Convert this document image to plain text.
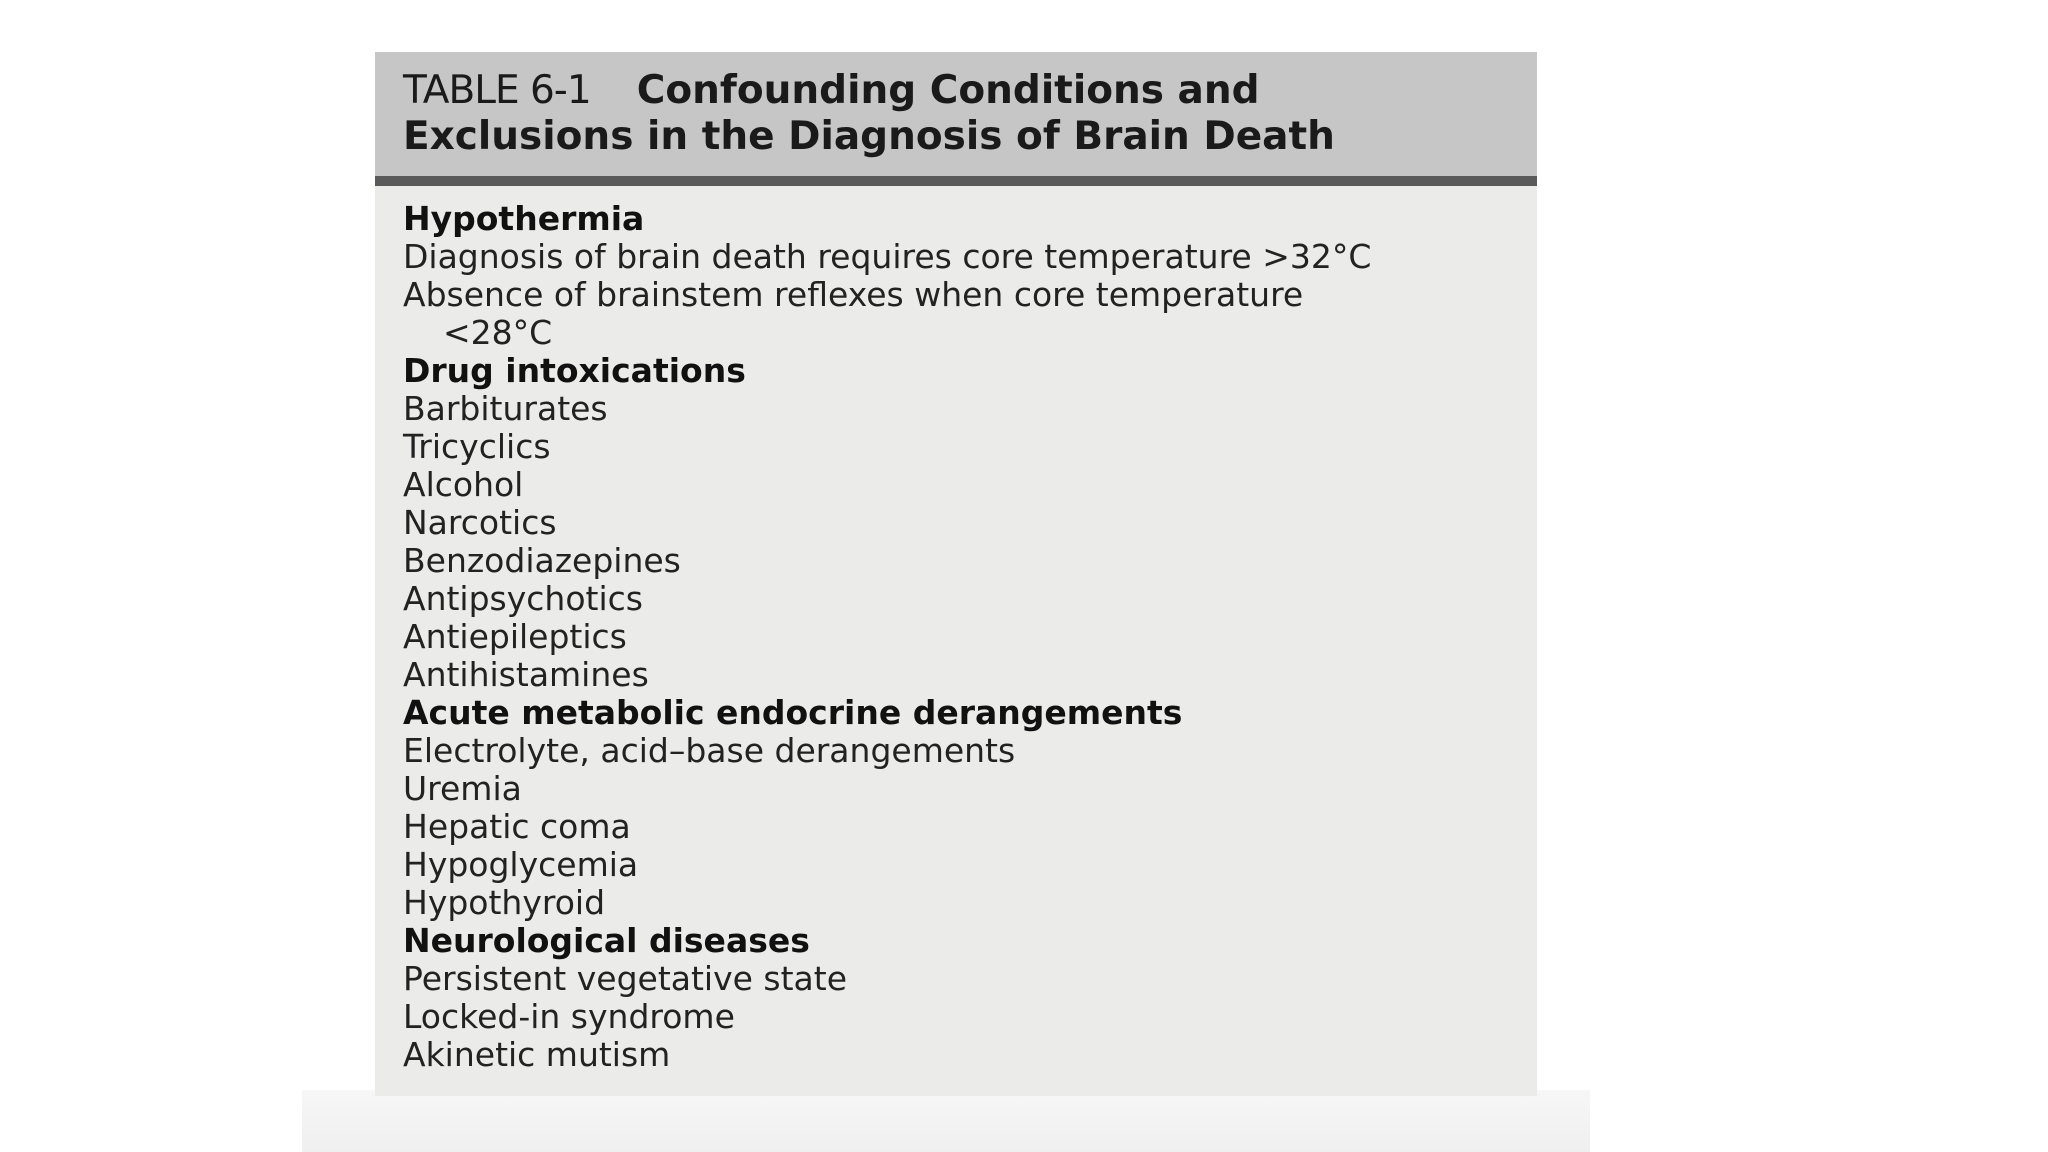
TABLE 6-1 Confounding Conditions and
Exclusions in the Diagnosis of Brain Death
Hypothermia
Diagnosis of brain death requires core temperature >32°C
Absence of brainstem reflexes when core temperature
<28°C
Drug intoxications
Barbiturates
Tricyclics
Alcohol
Narcotics
Benzodiazepines
Antipsychotics
Antiepileptics
Antihistamines
Acute metabolic endocrine derangements
Electrolyte, acid–base derangements
Uremia
Hepatic coma
Hypoglycemia
Hypothyroid
Neurological diseases
Persistent vegetative state
Locked-in syndrome
Akinetic mutism
